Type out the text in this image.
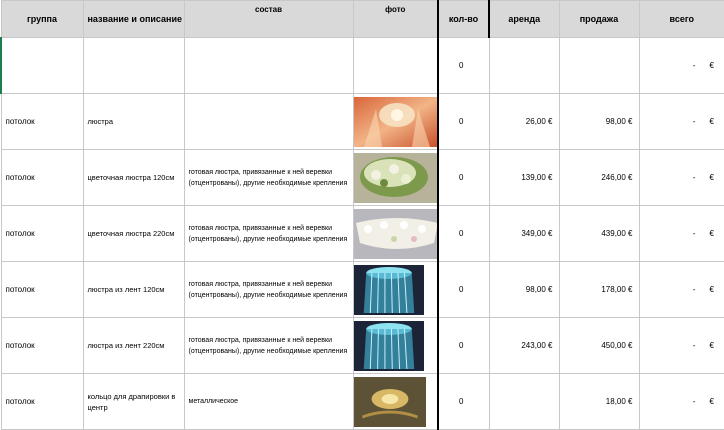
группа	название и описание	состав	фото	кол-во	аренда	продажа	всего
				0			- €

потолок	люстра			0	26,00 €	98,00 €	- €

потолок	цветочная люстра 120см	готовая люстра, привязанные к ней веревки (отцентрованы), другие необходимые крепления		0	139,00 €	246,00 €	- €

потолок	цветочная люстра 220см	готовая люстра, привязанные к ней веревки (отцентрованы), другие необходимые крепления		0	349,00 €	439,00 €	- €

потолок	люстра из лент 120см	готовая люстра, привязанные к ней веревки (отцентрованы), другие необходимые крепления		0	98,00 €	178,00 €	- €

потолок	люстра из лент 220см	готовая люстра, привязанные к ней веревки (отцентрованы), другие необходимые крепления		0	243,00 €	450,00 €	- €

потолок	кольцо для драпировки в центр	металлическое		0		18,00 €	- €
